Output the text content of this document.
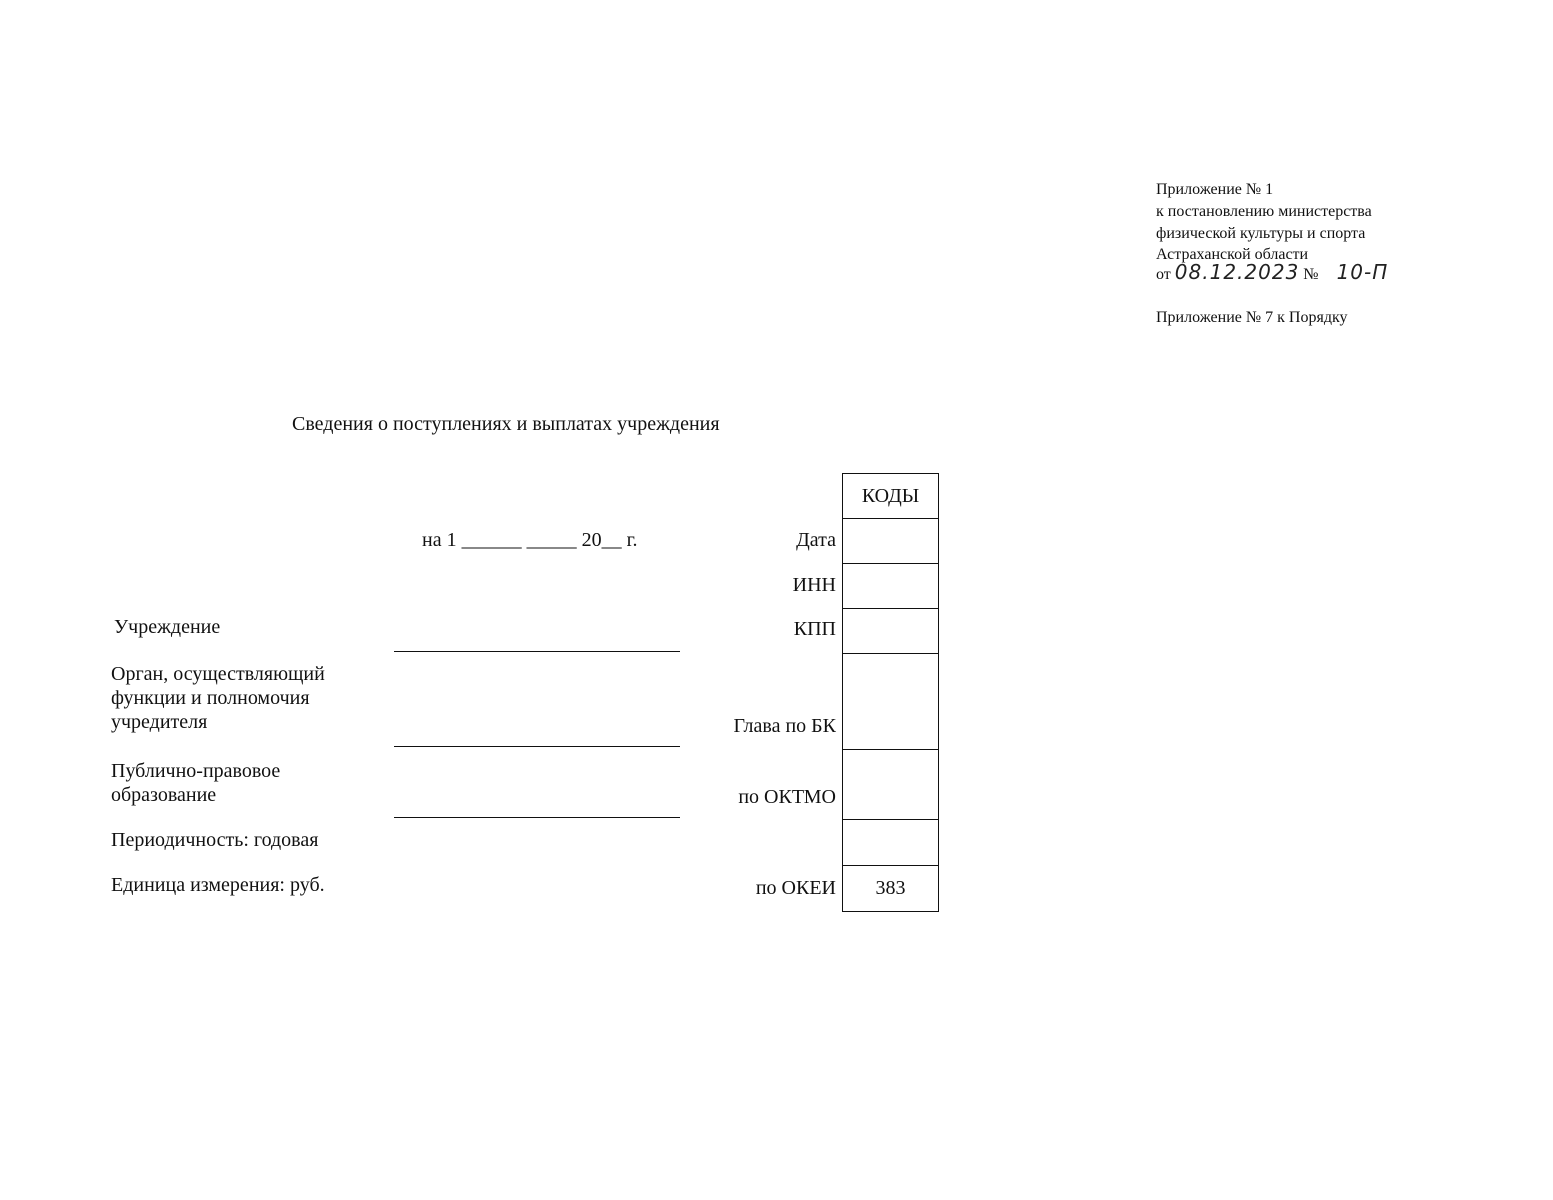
Приложение № 1
к постановлению министерства
физической культуры и спорта
Астраханской области
от 08.12.2023 № 10-П
Приложение № 7 к Порядку
Сведения о поступлениях и выплатах учреждения
на 1 ______ _____ 20__ г.
Учреждение
Орган, осуществляющий функции и полномочия учредителя
Публично-правовое образование
Периодичность: годовая
Единица измерения: руб.
Дата
ИНН
КПП
Глава по БК
по ОКТМО
по ОКЕИ
КОДЫ
383
